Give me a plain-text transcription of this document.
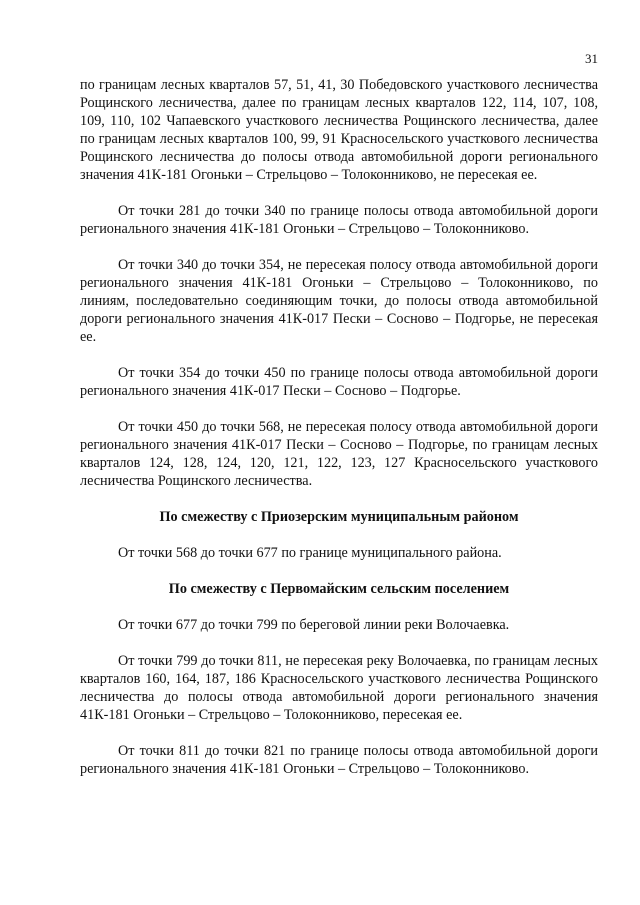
31

по границам лесных кварталов 57, 51, 41, 30 Победовского участкового лесничества Рощинского лесничества, далее по границам лесных кварталов 122, 114, 107, 108, 109, 110, 102 Чапаевского участкового лесничества Рощинского лесничества, далее по границам лесных кварталов 100, 99, 91 Красносельского участкового лесничества Рощинского лесничества до полосы отвода автомобильной дороги регионального значения 41К-181 Огоньки – Стрельцово – Толоконниково, не пересекая ее.

От точки 281 до точки 340 по границе полосы отвода автомобильной дороги регионального значения 41К-181 Огоньки – Стрельцово – Толоконниково.

От точки 340 до точки 354, не пересекая полосу отвода автомобильной дороги регионального значения 41К-181 Огоньки – Стрельцово – Толоконниково, по линиям, последовательно соединяющим точки, до полосы отвода автомобильной дороги регионального значения 41К-017 Пески – Сосново – Подгорье, не пересекая ее.

От точки 354 до точки 450 по границе полосы отвода автомобильной дороги регионального значения 41К-017 Пески – Сосново – Подгорье.

От точки 450 до точки 568, не пересекая полосу отвода автомобильной дороги регионального значения 41К-017 Пески – Сосново – Подгорье, по границам лесных кварталов 124, 128, 124, 120, 121, 122, 123, 127 Красносельского участкового лесничества Рощинского лесничества.

По смежеству с Приозерским муниципальным районом

От точки 568 до точки 677 по границе муниципального района.

По смежеству с Первомайским сельским поселением

От точки 677 до точки 799 по береговой линии реки Волочаевка.

От точки 799 до точки 811, не пересекая реку Волочаевка, по границам лесных кварталов 160, 164, 187, 186 Красносельского участкового лесничества Рощинского лесничества до полосы отвода автомобильной дороги регионального значения 41К-181 Огоньки – Стрельцово – Толоконниково, пересекая ее.

От точки 811 до точки 821 по границе полосы отвода автомобильной дороги регионального значения 41К-181 Огоньки – Стрельцово – Толоконниково.
